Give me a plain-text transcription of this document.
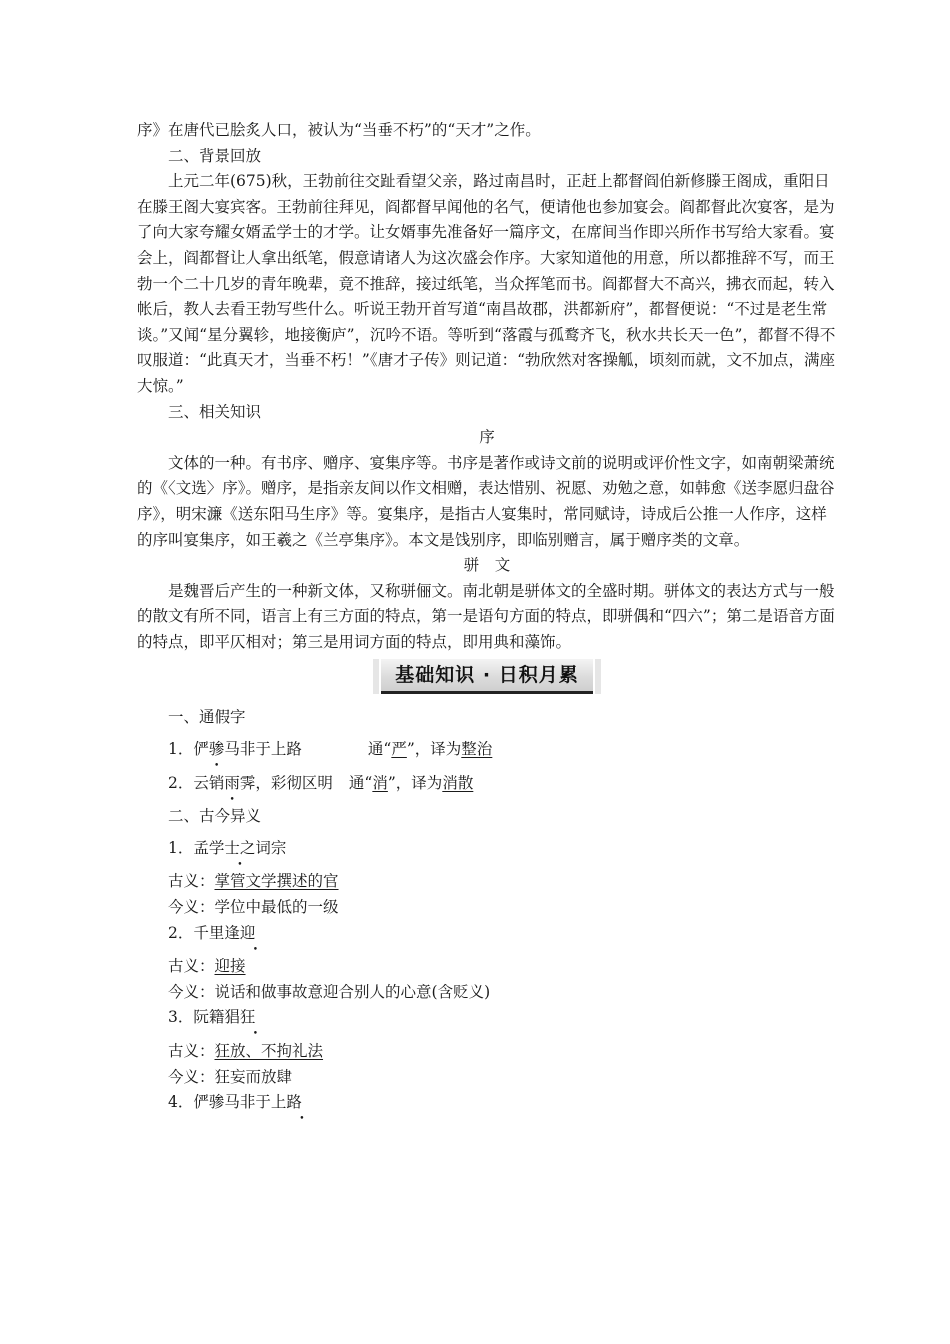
序》在唐代已脍炙人口，被认为“当垂不朽”的“天才”之作。

二、背景回放

上元二年(675)秋，王勃前往交趾看望父亲，路过南昌时，正赶上都督阎伯新修滕王阁成，重阳日在滕王阁大宴宾客。王勃前往拜见，阎都督早闻他的名气，便请他也参加宴会。阎都督此次宴客，是为了向大家夸耀女婿孟学士的才学。让女婿事先准备好一篇序文，在席间当作即兴所作书写给大家看。宴会上，阎都督让人拿出纸笔，假意请诸人为这次盛会作序。大家知道他的用意，所以都推辞不写，而王勃一个二十几岁的青年晚辈，竟不推辞，接过纸笔，当众挥笔而书。阎都督大不高兴，拂衣而起，转入帐后，教人去看王勃写些什么。听说王勃开首写道“南昌故郡，洪都新府”，都督便说：“不过是老生常谈。”又闻“星分翼轸，地接衡庐”，沉吟不语。等听到“落霞与孤鹜齐飞，秋水共长天一色”，都督不得不叹服道：“此真天才，当垂不朽！”《唐才子传》则记道：“勃欣然对客操觚，顷刻而就，文不加点，满座大惊。”

三、相关知识

序

文体的一种。有书序、赠序、宴集序等。书序是著作或诗文前的说明或评价性文字，如南朝梁萧统的《〈文选〉序》。赠序，是指亲友间以作文相赠，表达惜别、祝愿、劝勉之意，如韩愈《送李愿归盘谷序》，明宋濂《送东阳马生序》等。宴集序，是指古人宴集时，常同赋诗，诗成后公推一人作序，这样的序叫宴集序，如王羲之《兰亭集序》。本文是饯别序，即临别赠言，属于赠序类的文章。

骈　文

是魏晋后产生的一种新文体，又称骈俪文。南北朝是骈体文的全盛时期。骈体文的表达方式与一般的散文有所不同，语言上有三方面的特点，第一是语句方面的特点，即骈偶和“四六”；第二是语音方面的特点，即平仄相对；第三是用词方面的特点，即用典和藻饰。

基础知识 · 日积月累

一、通假字

1．俨骖马非于上路	通“严”，译为整治

2．云销雨霁，彩彻区明 通“消”，译为消散

二、古今异义

1．孟学士之词宗

古义：掌管文学撰述的官

今义：学位中最低的一级

2．千里逢迎

古义：迎接

今义：说话和做事故意迎合别人的心意(含贬义)

3．阮籍猖狂

古义：狂放、不拘礼法

今义：狂妄而放肆

4．俨骖马非于上路
